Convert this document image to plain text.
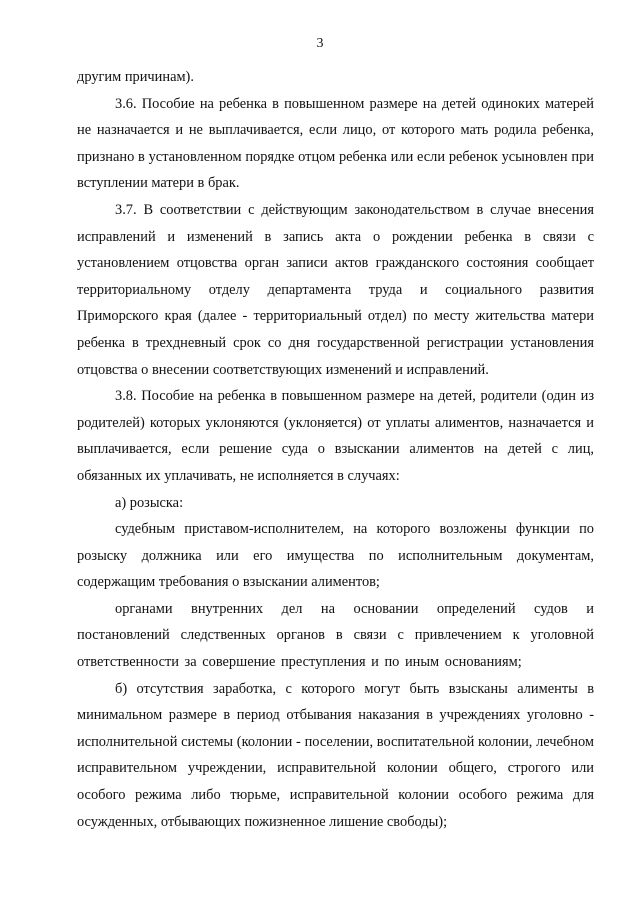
3

другим причинам).

3.6. Пособие на ребенка в повышенном размере на детей одиноких матерей не назначается и не выплачивается, если лицо, от которого мать родила ребенка, признано в установленном порядке отцом ребенка или если ребенок усыновлен при вступлении матери в брак.

3.7. В соответствии с действующим законодательством в случае внесения исправлений и изменений в запись акта о рождении ребенка в связи с установлением отцовства орган записи актов гражданского состояния сообщает территориальному отделу департамента труда и социального развития Приморского края (далее - территориальный отдел) по месту жительства матери ребенка в трехдневный срок со дня государственной регистрации установления отцовства о внесении соответствующих изменений и исправлений.

3.8. Пособие на ребенка в повышенном размере на детей, родители (один из родителей) которых уклоняются (уклоняется) от уплаты алиментов, назначается и выплачивается, если решение суда о взыскании алиментов на детей с лиц, обязанных их уплачивать, не исполняется в случаях:

а) розыска:

судебным приставом-исполнителем, на которого возложены функции по розыску должника или его имущества по исполнительным документам, содержащим требования о взыскании алиментов;

органами внутренних дел на основании определений судов и постановлений следственных органов в связи с привлечением к уголовной ответственности за совершение преступления и по иным основаниям;

б) отсутствия заработка, с которого могут быть взысканы алименты в минимальном размере в период отбывания наказания в учреждениях уголовно - исполнительной системы (колонии - поселении, воспитательной колонии, лечебном исправительном учреждении, исправительной колонии общего, строгого или особого режима либо тюрьме, исправительной колонии особого режима для осужденных, отбывающих пожизненное лишение свободы);
